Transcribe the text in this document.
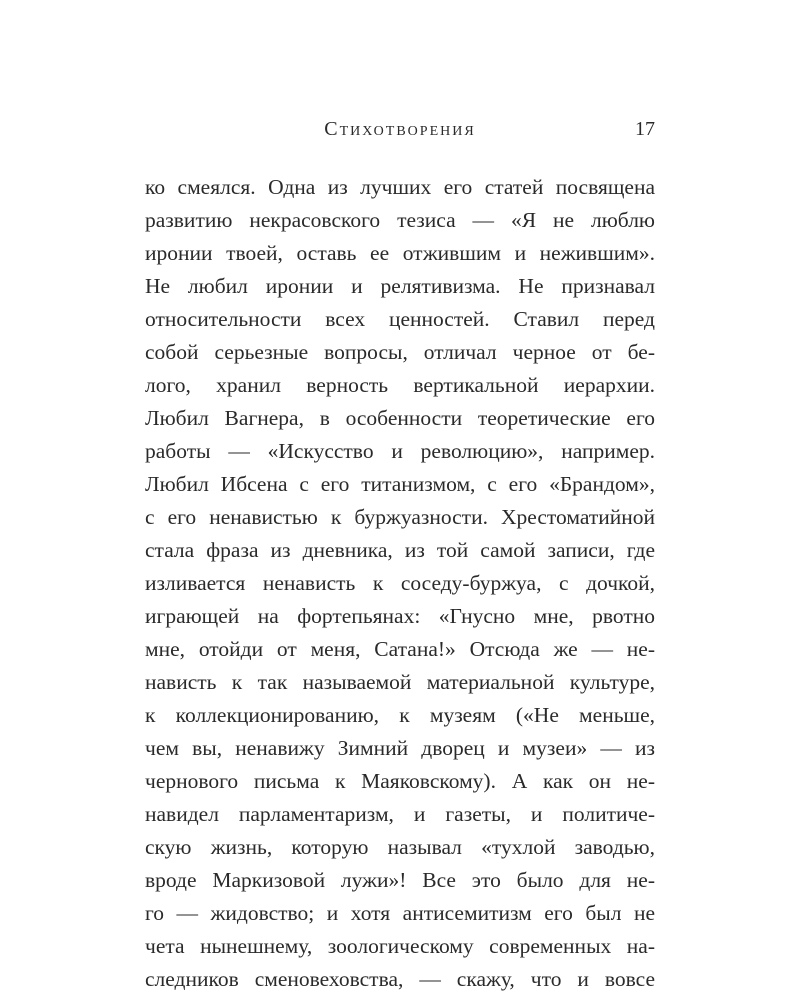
Стихотворения	17
ко смеялся. Одна из лучших его статей посвящена
развитию некрасовского тезиса — «Я не люблю
иронии твоей, оставь ее отжившим и нежившим».
Не любил иронии и релятивизма. Не признавал
относительности всех ценностей. Ставил перед
собой серьезные вопросы, отличал черное от бе-
лого, хранил верность вертикальной иерархии.
Любил Вагнера, в особенности теоретические его
работы — «Искусство и революцию», например.
Любил Ибсена с его титанизмом, с его «Брандом»,
с его ненавистью к буржуазности. Хрестоматийной
стала фраза из дневника, из той самой записи, где
изливается ненависть к соседу-буржуа, с дочкой,
играющей на фортепьянах: «Гнусно мне, рвотно
мне, отойди от меня, Сатана!» Отсюда же — не-
нависть к так называемой материальной культуре,
к коллекционированию, к музеям («Не меньше,
чем вы, ненавижу Зимний дворец и музеи» — из
чернового письма к Маяковскому). А как он не-
навидел парламентаризм, и газеты, и политиче-
скую жизнь, которую называл «тухлой заводью,
вроде Маркизовой лужи»! Все это было для не-
го — жидовство; и хотя антисемитизм его был не
чета нынешнему, зоологическому современных на-
следников сменовеховства, — скажу, что и вовсе
